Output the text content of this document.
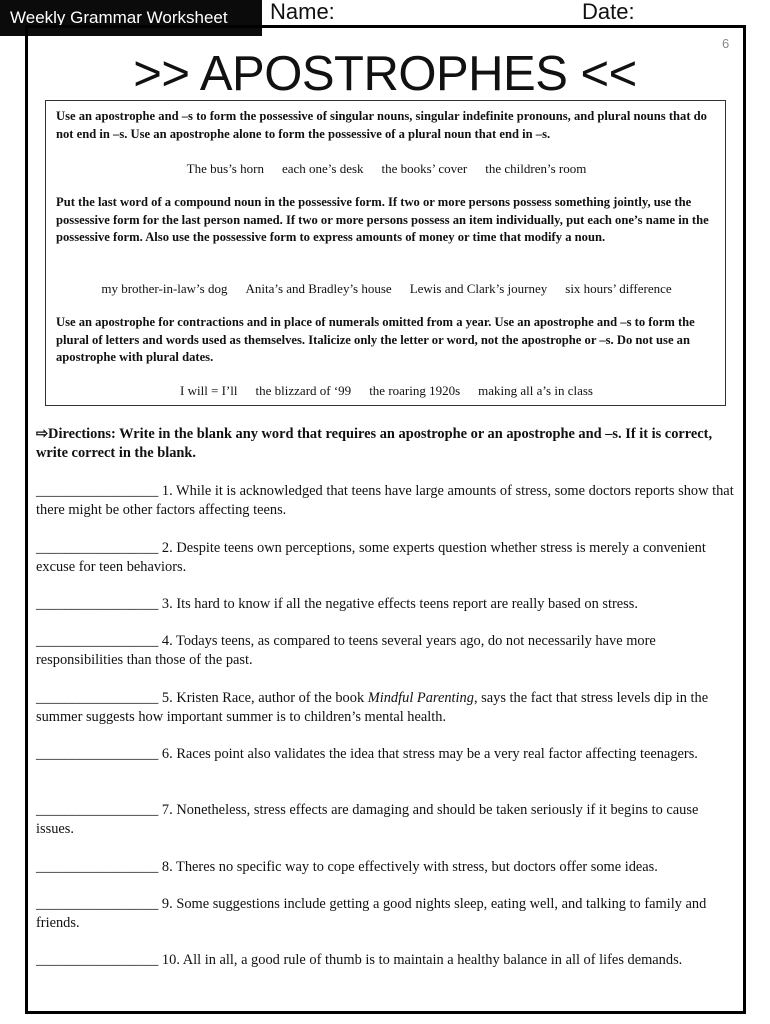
Weekly Grammar Worksheet	Name:	Date:
6
>> APOSTROPHES <<

Use an apostrophe and –s to form the possessive of singular nouns, singular indefinite pronouns, and plural nouns that do not end in –s. Use an apostrophe alone to form the possessive of a plural noun that end in –s.

The bus’s horn each one’s desk the books’ cover the children’s room

Put the last word of a compound noun in the possessive form. If two or more persons possess something jointly, use the possessive form for the last person named. If two or more persons possess an item individually, put each one’s name in the possessive form. Also use the possessive form to express amounts of money or time that modify a noun.

my brother-in-law’s dog Anita’s and Bradley’s house Lewis and Clark’s journey six hours’ difference

Use an apostrophe for contractions and in place of numerals omitted from a year. Use an apostrophe and –s to form the plural of letters and words used as themselves. Italicize only the letter or word, not the apostrophe or –s. Do not use an apostrophe with plural dates.

I will = I’ll the blizzard of ‘99 the roaring 1920s making all a’s in class
⇨Directions: Write in the blank any word that requires an apostrophe or an apostrophe and –s. If it is correct, write correct in the blank.
_________________ 1. While it is acknowledged that teens have large amounts of stress, some doctors reports show that there might be other factors affecting teens.
_________________ 2. Despite teens own perceptions, some experts question whether stress is merely a convenient excuse for teen behaviors.
_________________ 3. Its hard to know if all the negative effects teens report are really based on stress.
_________________ 4. Todays teens, as compared to teens several years ago, do not necessarily have more responsibilities than those of the past.
_________________ 5. Kristen Race, author of the book Mindful Parenting, says the fact that stress levels dip in the summer suggests how important summer is to children’s mental health.
_________________ 6. Races point also validates the idea that stress may be a very real factor affecting teenagers.
_________________ 7. Nonetheless, stress effects are damaging and should be taken seriously if it begins to cause issues.
_________________ 8. Theres no specific way to cope effectively with stress, but doctors offer some ideas.
_________________ 9. Some suggestions include getting a good nights sleep, eating well, and talking to family and friends.
_________________ 10. All in all, a good rule of thumb is to maintain a healthy balance in all of lifes demands.
